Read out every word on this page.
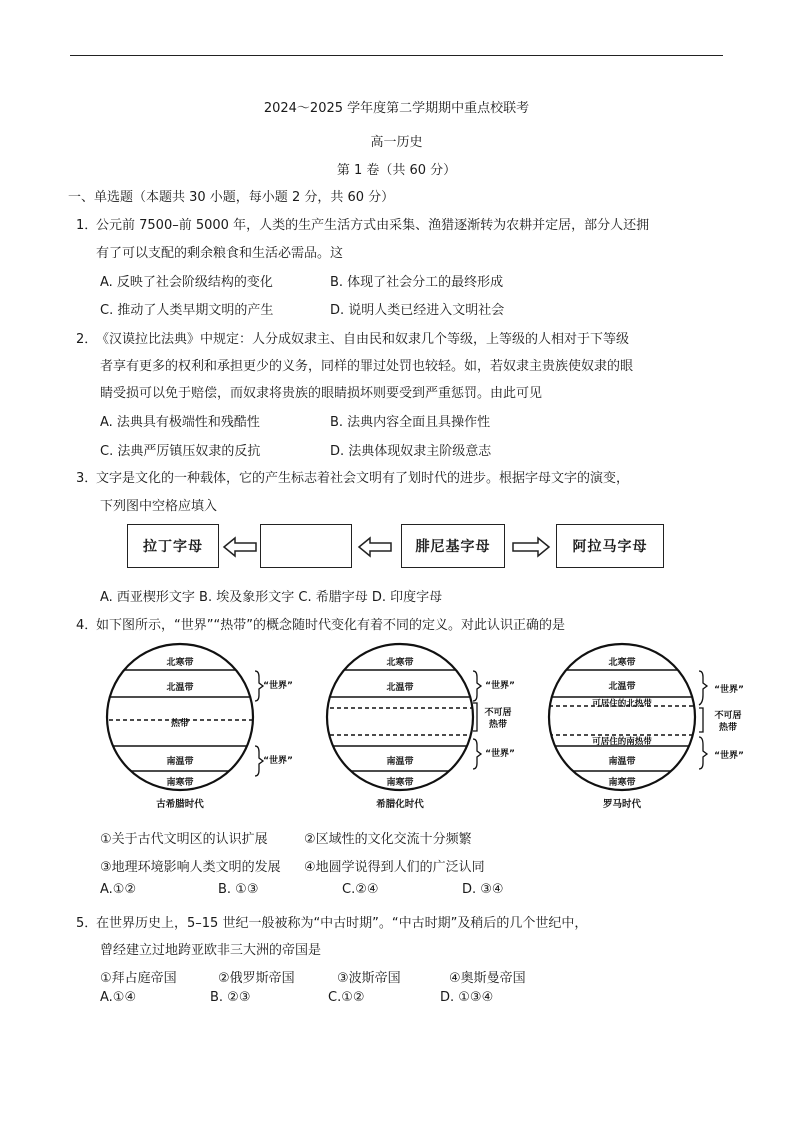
2024～2025 学年度第二学期期中重点校联考
高一历史
第 1 卷（共 60 分）
一、单选题（本题共 30 小题，每小题 2 分，共 60 分）
1．
公元前 7500–前 5000 年，人类的生产生活方式由采集、渔猎逐渐转为农耕并定居，部分人还拥
有了可以支配的剩余粮食和生活必需品。这
A. 反映了社会阶级结构的变化	B. 体现了社会分工的最终形成
C. 推动了人类早期文明的产生	D. 说明人类已经进入文明社会
2．
《汉谟拉比法典》中规定：人分成奴隶主、自由民和奴隶几个等级，上等级的人相对于下等级
者享有更多的权利和承担更少的义务，同样的罪过处罚也较轻。如，若奴隶主贵族使奴隶的眼
睛受损可以免于赔偿，而奴隶将贵族的眼睛损坏则要受到严重惩罚。由此可见
A. 法典具有极端性和残酷性	B. 法典内容全面且具操作性
C. 法典严厉镇压奴隶的反抗	D. 法典体现奴隶主阶级意志
3．
文字是文化的一种载体，它的产生标志着社会文明有了划时代的进步。根据字母文字的演变，
下列图中空格应填入
拉丁字母	腓尼基字母	阿拉马字母
A. 西亚楔形文字 B. 埃及象形文字 C. 希腊字母 D. 印度字母
4．
如下图所示，“世界”“热带”的概念随时代变化有着不同的定义。对此认识正确的是
北寒带
北温带
热带
南温带
南寒带
“世界”
“世界”
古希腊时代
北寒带
北温带
南温带
南寒带
“世界”
不可居
热带
“世界”
希腊化时代
北寒带
北温带
可居住的北热带
可居住的南热带
南温带
南寒带
“世界”
不可居
热带
“世界”
罗马时代
①关于古代文明区的认识扩展	②区域性的文化交流十分频繁
③地理环境影响人类文明的发展 ④地圆学说得到人们的广泛认同
A.①②	B. ①③	C.②④	D. ③④
5．
在世界历史上，5–15 世纪一般被称为“中古时期”。“中古时期”及稍后的几个世纪中，
曾经建立过地跨亚欧非三大洲的帝国是
①拜占庭帝国	②俄罗斯帝国	③波斯帝国	④奥斯曼帝国
A.①④	B. ②③	C.①②	D. ①③④
